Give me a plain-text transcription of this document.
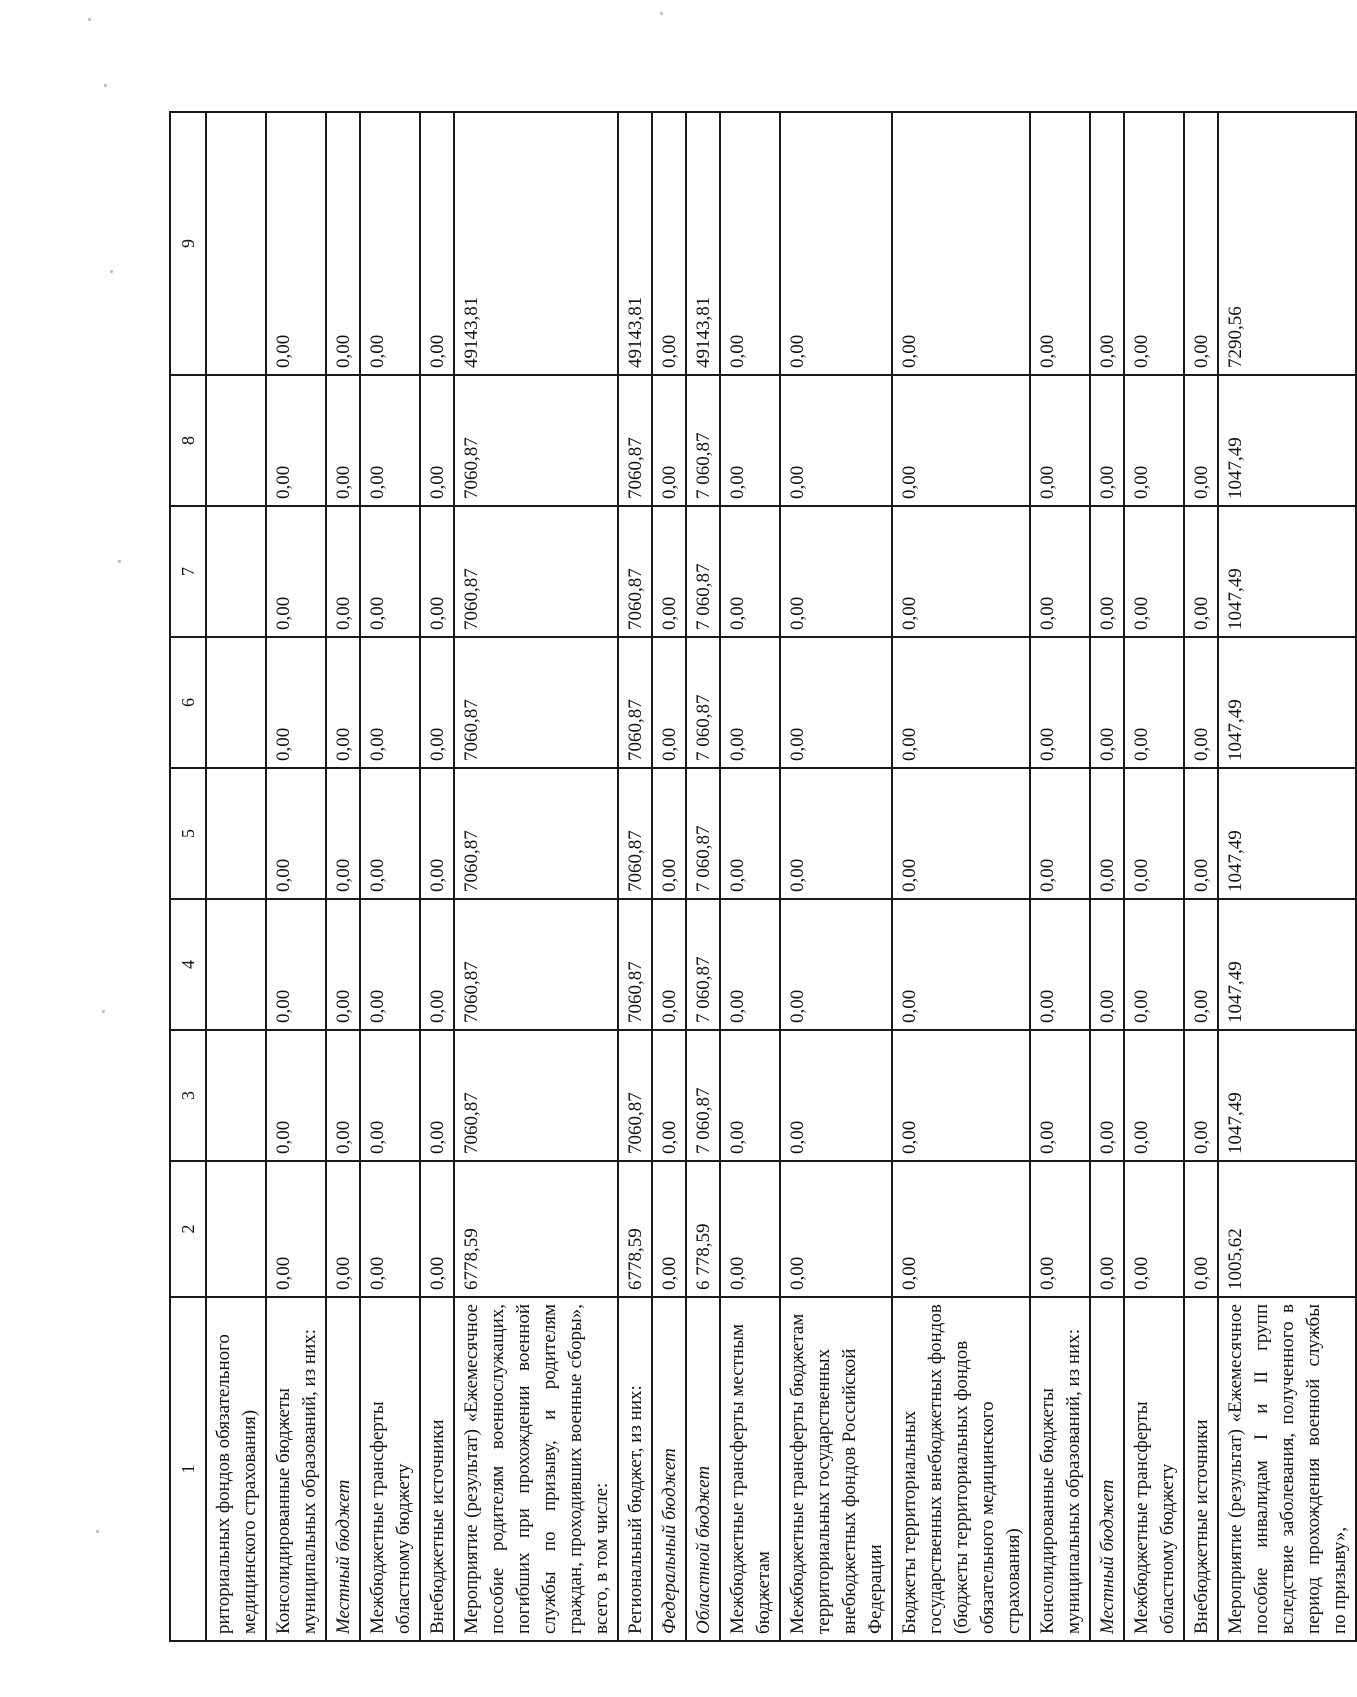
1	2	3	4	5	6	7	8	9
риториальных фондов обязательного медицинского страхования)								
Консолидированные бюджеты муниципальных образований, из них:	0,00	0,00	0,00	0,00	0,00	0,00	0,00	0,00
Местный бюджет	0,00	0,00	0,00	0,00	0,00	0,00	0,00	0,00
Межбюджетные трансферты областному бюджету	0,00	0,00	0,00	0,00	0,00	0,00	0,00	0,00
Внебюджетные источники	0,00	0,00	0,00	0,00	0,00	0,00	0,00	0,00
Мероприятие (результат) «Ежемесячное пособие родителям военнослужащих, погибших при прохождении военной службы по призыву, и родителям граждан, проходивших военные сборы», всего, в том числе:	6778,59	7060,87	7060,87	7060,87	7060,87	7060,87	7060,87	49143,81
Региональный бюджет, из них:	6778,59	7060,87	7060,87	7060,87	7060,87	7060,87	7060,87	49143,81
Федеральный бюджет	0,00	0,00	0,00	0,00	0,00	0,00	0,00	0,00
Областной бюджет	6 778,59	7 060,87	7 060,87	7 060,87	7 060,87	7 060,87	7 060,87	49143,81
Межбюджетные трансферты местным бюджетам	0,00	0,00	0,00	0,00	0,00	0,00	0,00	0,00
Межбюджетные трансферты бюджетам территориальных государственных внебюджетных фондов Российской Федерации	0,00	0,00	0,00	0,00	0,00	0,00	0,00	0,00
Бюджеты территориальных государственных внебюджетных фондов (бюджеты территориальных фондов обязательного медицинского страхования)	0,00	0,00	0,00	0,00	0,00	0,00	0,00	0,00
Консолидированные бюджеты муниципальных образований, из них:	0,00	0,00	0,00	0,00	0,00	0,00	0,00	0,00
Местный бюджет	0,00	0,00	0,00	0,00	0,00	0,00	0,00	0,00
Межбюджетные трансферты областному бюджету	0,00	0,00	0,00	0,00	0,00	0,00	0,00	0,00
Внебюджетные источники	0,00	0,00	0,00	0,00	0,00	0,00	0,00	0,00
Мероприятие (результат) «Ежемесячное пособие инвалидам I и II групп вследствие заболевания, полученного в период прохождения военной службы по призыву»,	1005,62	1047,49	1047,49	1047,49	1047,49	1047,49	1047,49	7290,56
